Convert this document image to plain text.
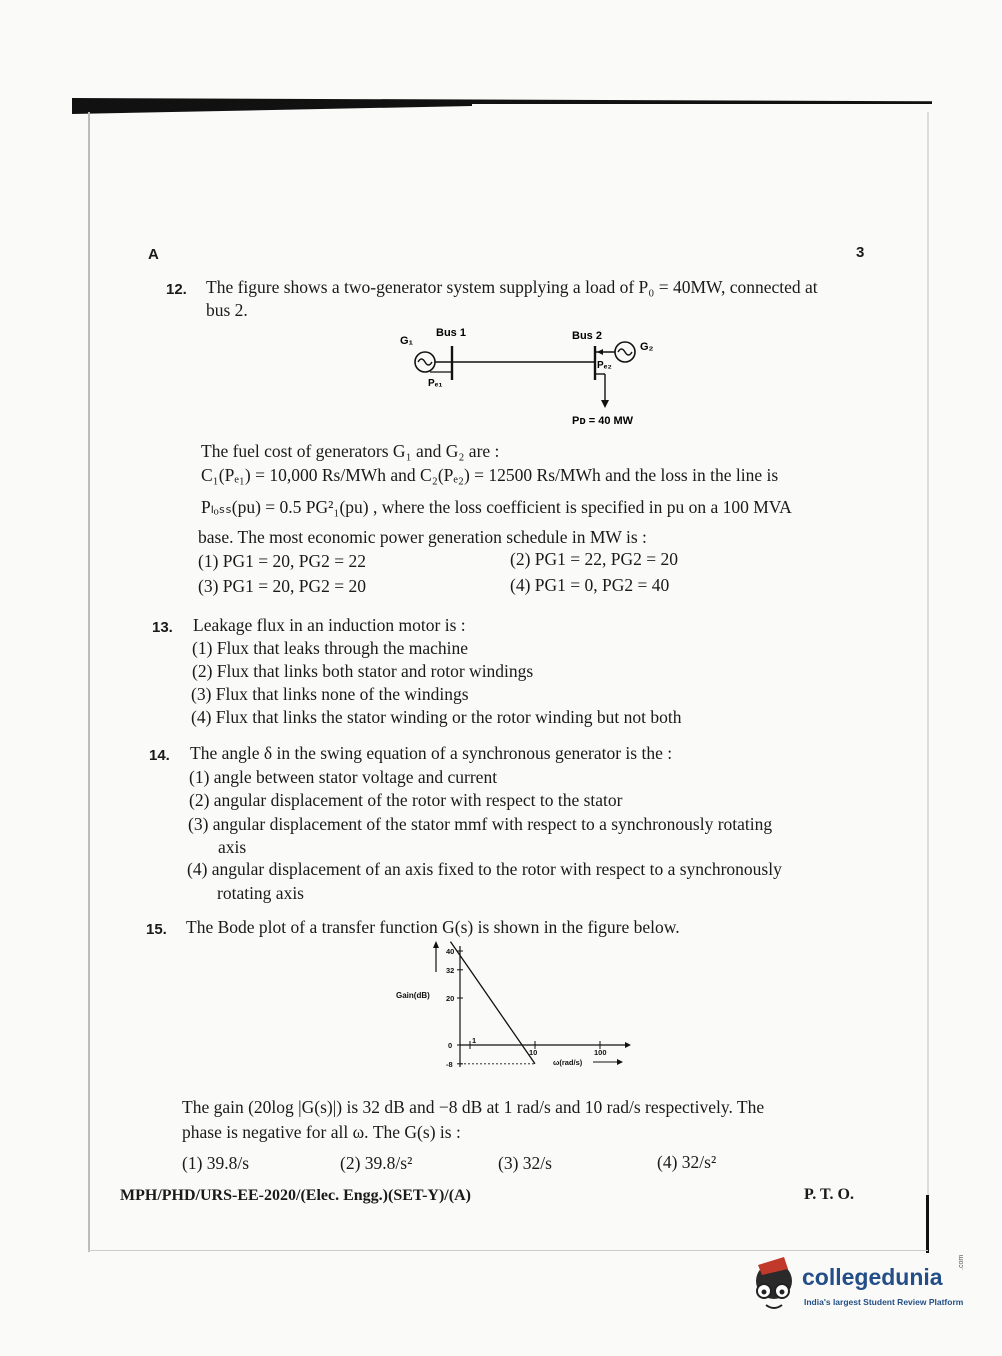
A	3
12. The figure shows a two-generator system supplying a load of P₀ = 40MW, connected at
bus 2.
Bus 1	Bus 2
G₁	G₂
Pₑ₂
Pₑ₁
Pᴅ = 40 MW
The fuel cost of generators G₁ and G₂ are :
C₁(Pₑ₁) = 10,000 Rs/MWh and C₂(Pₑ₂) = 12500 Rs/MWh and the loss in the line is
Pₗₒₛₛ(pu) = 0.5 PG²₁(pu) , where the loss coefficient is specified in pu on a 100 MVA
base. The most economic power generation schedule in MW is :
(1) PG1 = 20, PG2 = 22	(2) PG1 = 22, PG2 = 20
(3) PG1 = 20, PG2 = 20	(4) PG1 = 0, PG2 = 40
13. Leakage flux in an induction motor is :
(1) Flux that leaks through the machine
(2) Flux that links both stator and rotor windings
(3) Flux that links none of the windings
(4) Flux that links the stator winding or the rotor winding but not both
14. The angle δ in the swing equation of a synchronous generator is the :
(1) angle between stator voltage and current
(2) angular displacement of the rotor with respect to the stator
(3) angular displacement of the stator mmf with respect to a synchronously rotating
axis
(4) angular displacement of an axis fixed to the rotor with respect to a synchronously
rotating axis
15. The Bode plot of a transfer function G(s) is shown in the figure below.
40
32
20
0
-8
10	100
Gain(dB)
ω(rad/s)
1
The gain (20log |G(s)|) is 32 dB and −8 dB at 1 rad/s and 10 rad/s respectively. The
phase is negative for all ω. The G(s) is :
(1) 39.8/s	(2) 39.8/s²	(3) 32/s	(4) 32/s²
MPH/PHD/URS-EE-2020/(Elec. Engg.)(SET-Y)/(A)	P. T. O.
collegedunia
.com
India's largest Student Review Platform
